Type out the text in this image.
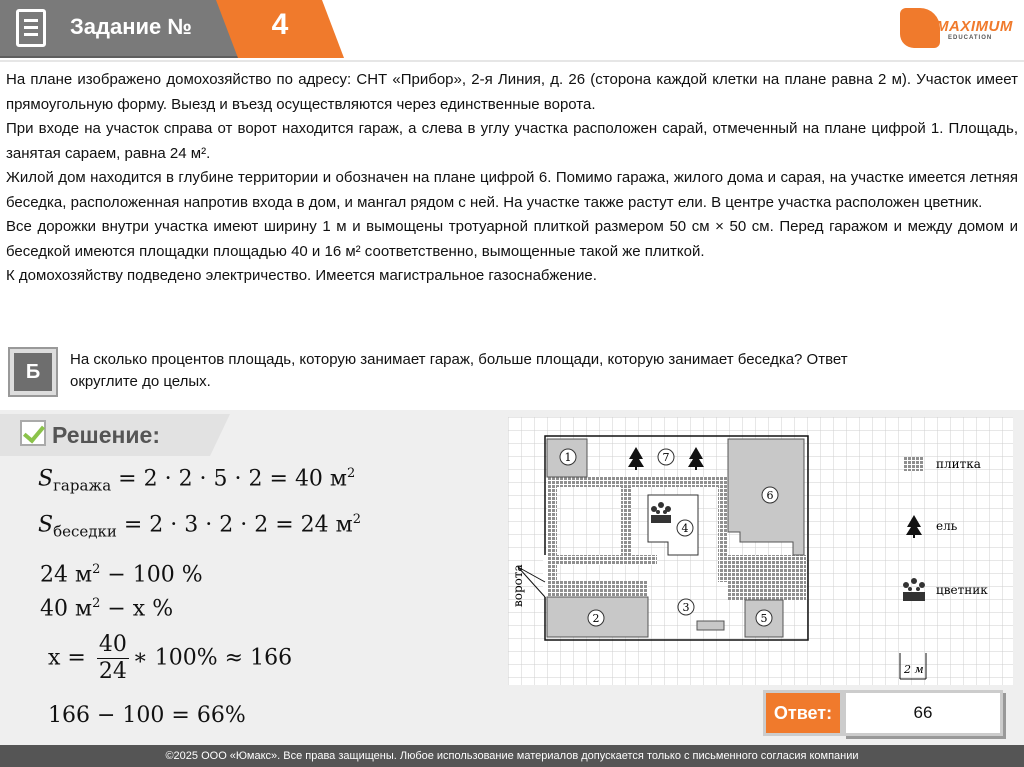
Задание №	4	MAXIMUM
EDUCATION

На плане изображено домохозяйство по адресу: СНТ «Прибор», 2-я Линия, д. 26 (сторона каждой клетки на плане равна 2 м). Участок имеет прямоугольную форму. Выезд и въезд осуществляются через единственные ворота.

При входе на участок справа от ворот находится гараж, а слева в углу участка расположен сарай, отмеченный на плане цифрой 1. Площадь, занятая сараем, равна 24 м².

Жилой дом находится в глубине территории и обозначен на плане цифрой 6. Помимо гаража, жилого дома и сарая, на участке имеется летняя беседка, расположенная напротив входа в дом, и мангал рядом с ней. На участке также растут ели. В центре участка расположен цветник.

Все дорожки внутри участка имеют ширину 1 м и вымощены тротуарной плиткой размером 50 см × 50 см. Перед гаражом и между домом и беседкой имеются площадки площадью 40 и 16 м² соответственно, вымощенные такой же плиткой.

К домохозяйству подведено электричество. Имеется магистральное газоснабжение.

Б
На сколько процентов площадь, которую занимает гараж, больше площади, которую занимает беседка? Ответ округлите до целых.
Решение:
$S_{гаража} = 2 \cdot 2 \cdot 5 \cdot 2 = 40$ $м^2$
$S_{беседки} = 2 \cdot 3 \cdot 2 \cdot 2 = 24$ $м^2$
24 $м^2 - 100$ %
40 $м^2 - x$ %
$x = \frac{40}{24}$ ∗ 100% ≈ 166
166 − 100 = 66%
ворота
1
6
2	5
4
3
7	плитка
ель
цветник
2 м
Ответ:	66
©2025 ООО «Юмакс». Все права защищены. Любое использование материалов допускается только с письменного согласия компании
